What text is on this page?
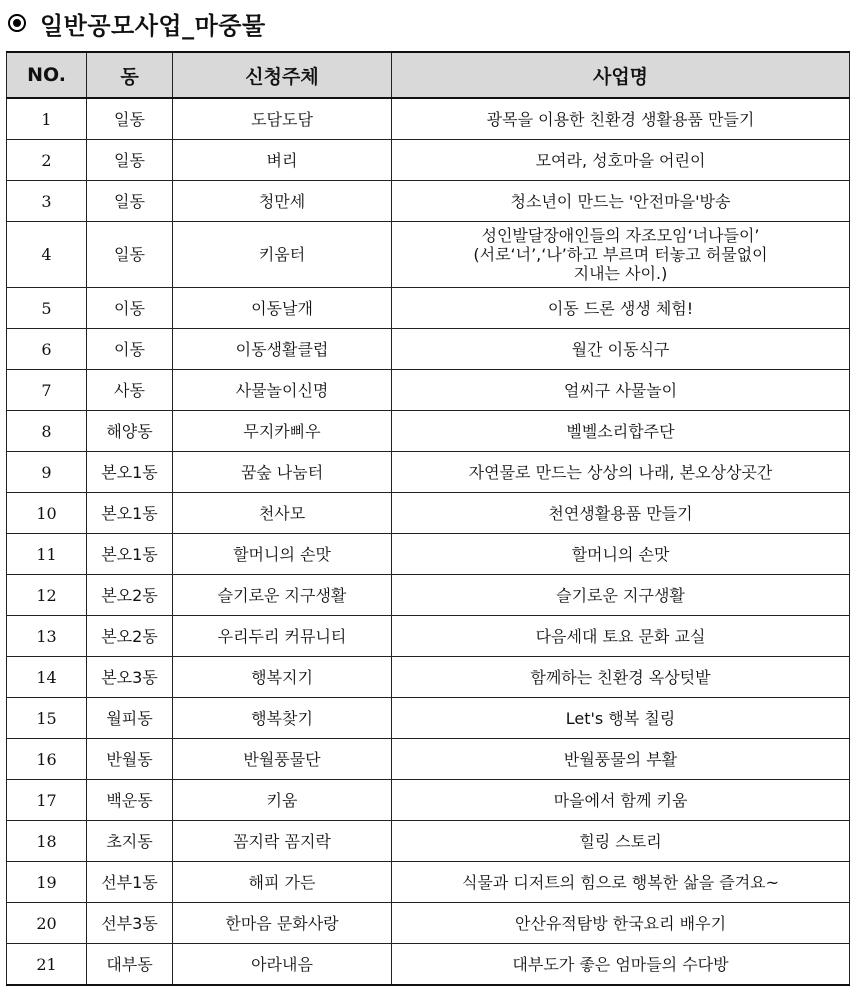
일반공모사업_마중물
NO.	동	신청주체	사업명
1	일동	도담도담	광목을 이용한 친환경 생활용품 만들기
2	일동	벼리	모여라, 성호마을 어린이
3	일동	청만세	청소년이 만드는 '안전마을'방송
4	일동	키움터	성인발달장애인들의 자조모임‘너나들이’
(서로‘너’,‘나’하고 부르며 터놓고 허물없이
지내는 사이.)
5	이동	이동날개	이동 드론 생생 체험!
6	이동	이동생활클럽	월간 이동식구
7	사동	사물놀이신명	얼씨구 사물놀이
8	해양동	무지카삐우	벨벨소리합주단
9	본오1동	꿈숲 나눔터	자연물로 만드는 상상의 나래, 본오상상곳간
10	본오1동	천사모	천연생활용품 만들기
11	본오1동	할머니의 손맛	할머니의 손맛
12	본오2동	슬기로운 지구생활	슬기로운 지구생활
13	본오2동	우리두리 커뮤니티	다음세대 토요 문화 교실
14	본오3동	행복지기	함께하는 친환경 옥상텃밭
15	월피동	행복찾기	Let's 행복 칠링
16	반월동	반월풍물단	반월풍물의 부활
17	백운동	키움	마을에서 함께 키움
18	초지동	꼼지락 꼼지락	힐링 스토리
19	선부1동	해피 가든	식물과 디저트의 힘으로 행복한 삶을 즐겨요~
20	선부3동	한마음 문화사랑	안산유적탐방 한국요리 배우기
21	대부동	아라내음	대부도가 좋은 엄마들의 수다방
